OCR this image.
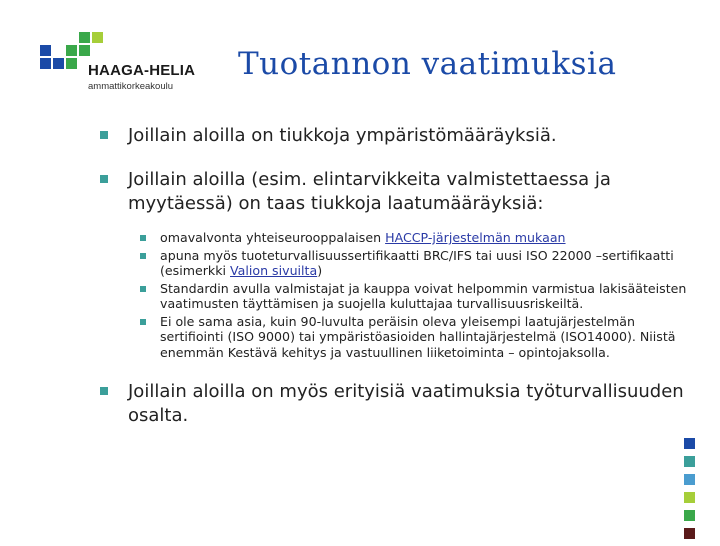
HAAGA-HELIA
ammattikorkeakoulu
Tuotannon vaatimuksia
Joillain aloilla on tiukkoja ympäristömääräyksiä.
Joillain aloilla (esim. elintarvikkeita valmistettaessa ja myytäessä) on taas tiukkoja laatumääräyksiä:
omavalvonta yhteiseurooppalaisen HACCP-järjestelmän mukaan
apuna myös tuoteturvallisuussertifikaatti BRC/IFS tai uusi ISO 22000 –sertifikaatti (esimerkki Valion sivuilta)
Standardin avulla valmistajat ja kauppa voivat helpommin varmistua lakisääteisten vaatimusten täyttämisen ja suojella kuluttajaa turvallisuusriskeiltä.
Ei ole sama asia, kuin 90-luvulta peräisin oleva yleisempi laatujärjestelmän sertifiointi (ISO 9000) tai ympäristöasioiden hallintajärjestelmä (ISO14000). Niistä enemmän Kestävä kehitys ja vastuullinen liiketoiminta – opintojaksolla.
Joillain aloilla on myös erityisiä vaatimuksia työturvallisuuden osalta.
